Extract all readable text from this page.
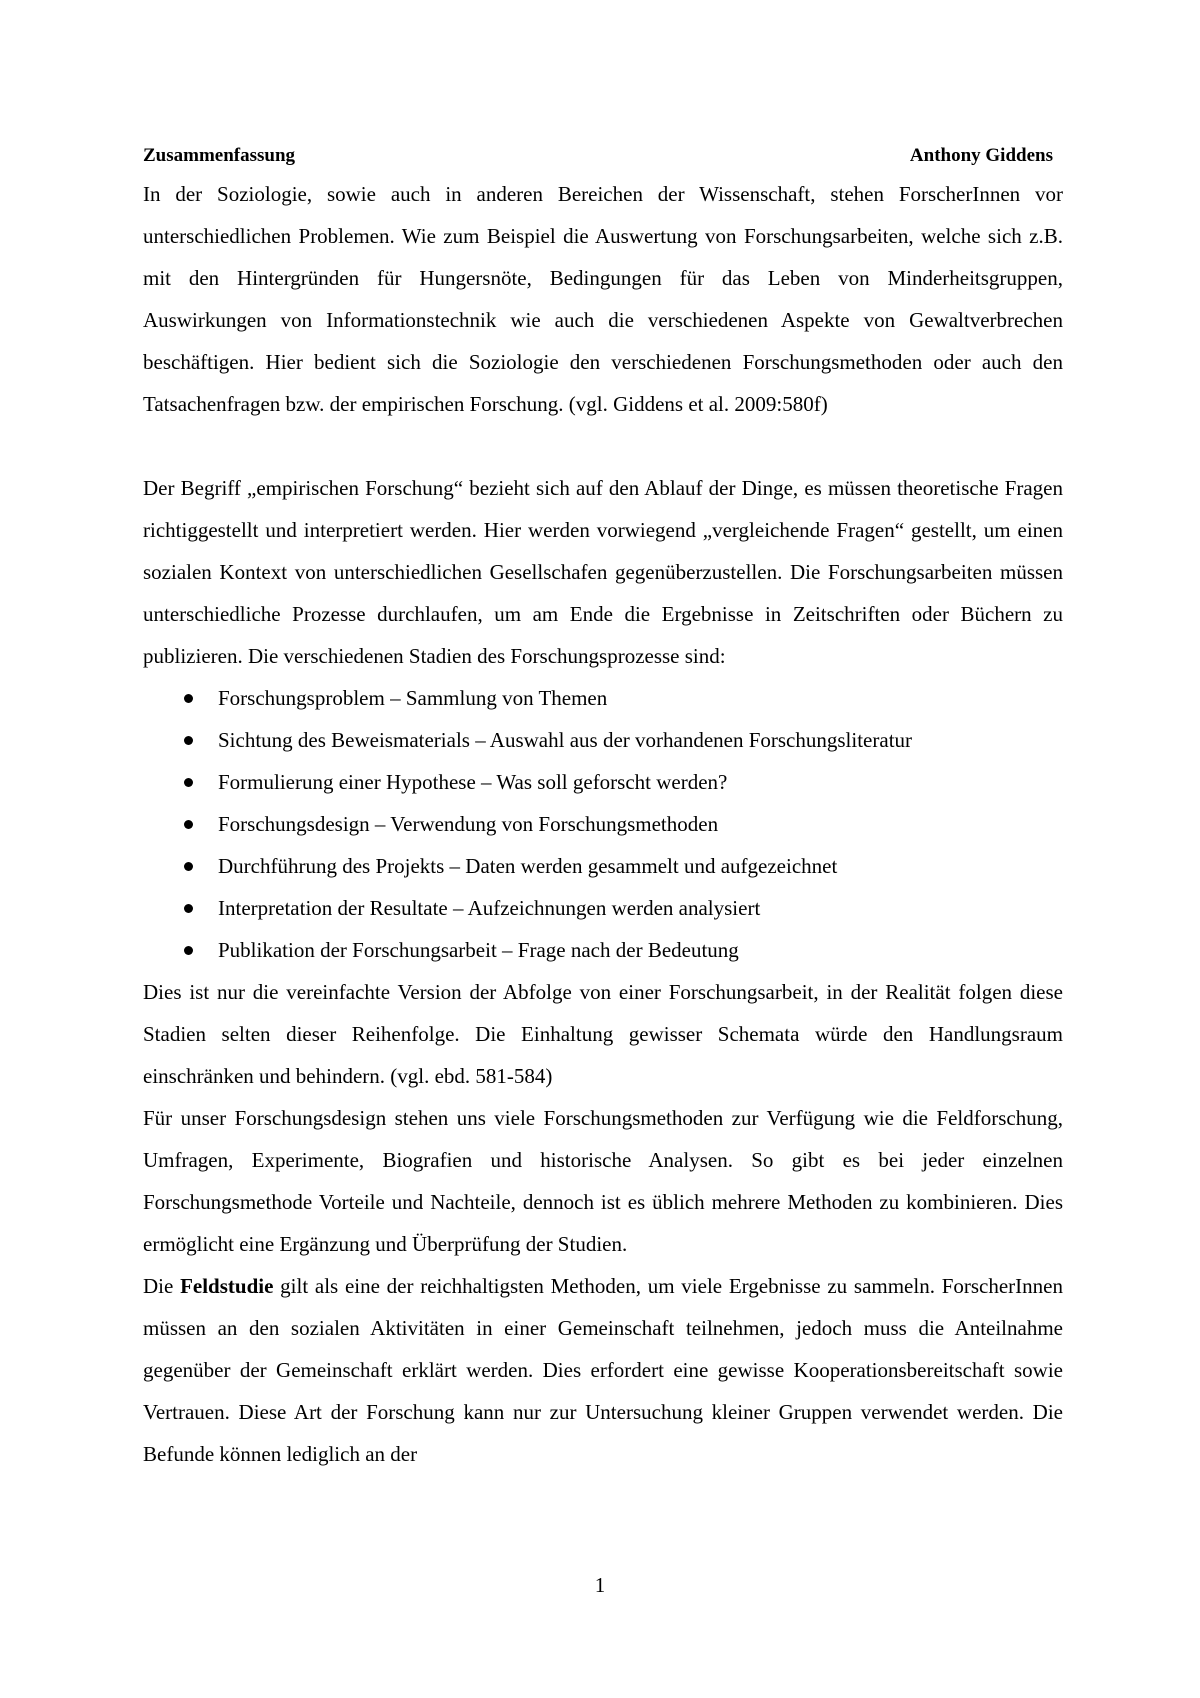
Zusammenfassung	Anthony Giddens

In der Soziologie, sowie auch in anderen Bereichen der Wissenschaft, stehen ForscherInnen vor unterschiedlichen Problemen. Wie zum Beispiel die Auswertung von Forschungsarbeiten, welche sich z.B. mit den Hintergründen für Hungersnöte, Bedingungen für das Leben von Minderheitsgruppen, Auswirkungen von Informationstechnik wie auch die verschiedenen Aspekte von Gewaltverbrechen beschäftigen. Hier bedient sich die Soziologie den verschiedenen Forschungsmethoden oder auch den Tatsachenfragen bzw. der empirischen Forschung. (vgl. Giddens et al. 2009:580f)

Der Begriff „empirischen Forschung“ bezieht sich auf den Ablauf der Dinge, es müssen theoretische Fragen richtiggestellt und interpretiert werden. Hier werden vorwiegend „vergleichende Fragen“ gestellt, um einen sozialen Kontext von unterschiedlichen Gesellschafen gegenüberzustellen. Die Forschungsarbeiten müssen unterschiedliche Prozesse durchlaufen, um am Ende die Ergebnisse in Zeitschriften oder Büchern zu publizieren. Die verschiedenen Stadien des Forschungsprozesse sind:

Forschungsproblem – Sammlung von Themen
Sichtung des Beweismaterials – Auswahl aus der vorhandenen Forschungsliteratur
Formulierung einer Hypothese – Was soll geforscht werden?
Forschungsdesign – Verwendung von Forschungsmethoden
Durchführung des Projekts – Daten werden gesammelt und aufgezeichnet
Interpretation der Resultate – Aufzeichnungen werden analysiert
Publikation der Forschungsarbeit – Frage nach der Bedeutung

Dies ist nur die vereinfachte Version der Abfolge von einer Forschungsarbeit, in der Realität folgen diese Stadien selten dieser Reihenfolge. Die Einhaltung gewisser Schemata würde den Handlungsraum einschränken und behindern. (vgl. ebd. 581-584)

Für unser Forschungsdesign stehen uns viele Forschungsmethoden zur Verfügung wie die Feldforschung, Umfragen, Experimente, Biografien und historische Analysen. So gibt es bei jeder einzelnen Forschungsmethode Vorteile und Nachteile, dennoch ist es üblich mehrere Methoden zu kombinieren. Dies ermöglicht eine Ergänzung und Überprüfung der Studien.

Die Feldstudie gilt als eine der reichhaltigsten Methoden, um viele Ergebnisse zu sammeln. ForscherInnen müssen an den sozialen Aktivitäten in einer Gemeinschaft teilnehmen, jedoch muss die Anteilnahme gegenüber der Gemeinschaft erklärt werden. Dies erfordert eine gewisse Kooperationsbereitschaft sowie Vertrauen. Diese Art der Forschung kann nur zur Untersuchung kleiner Gruppen verwendet werden. Die Befunde können lediglich an der

1
